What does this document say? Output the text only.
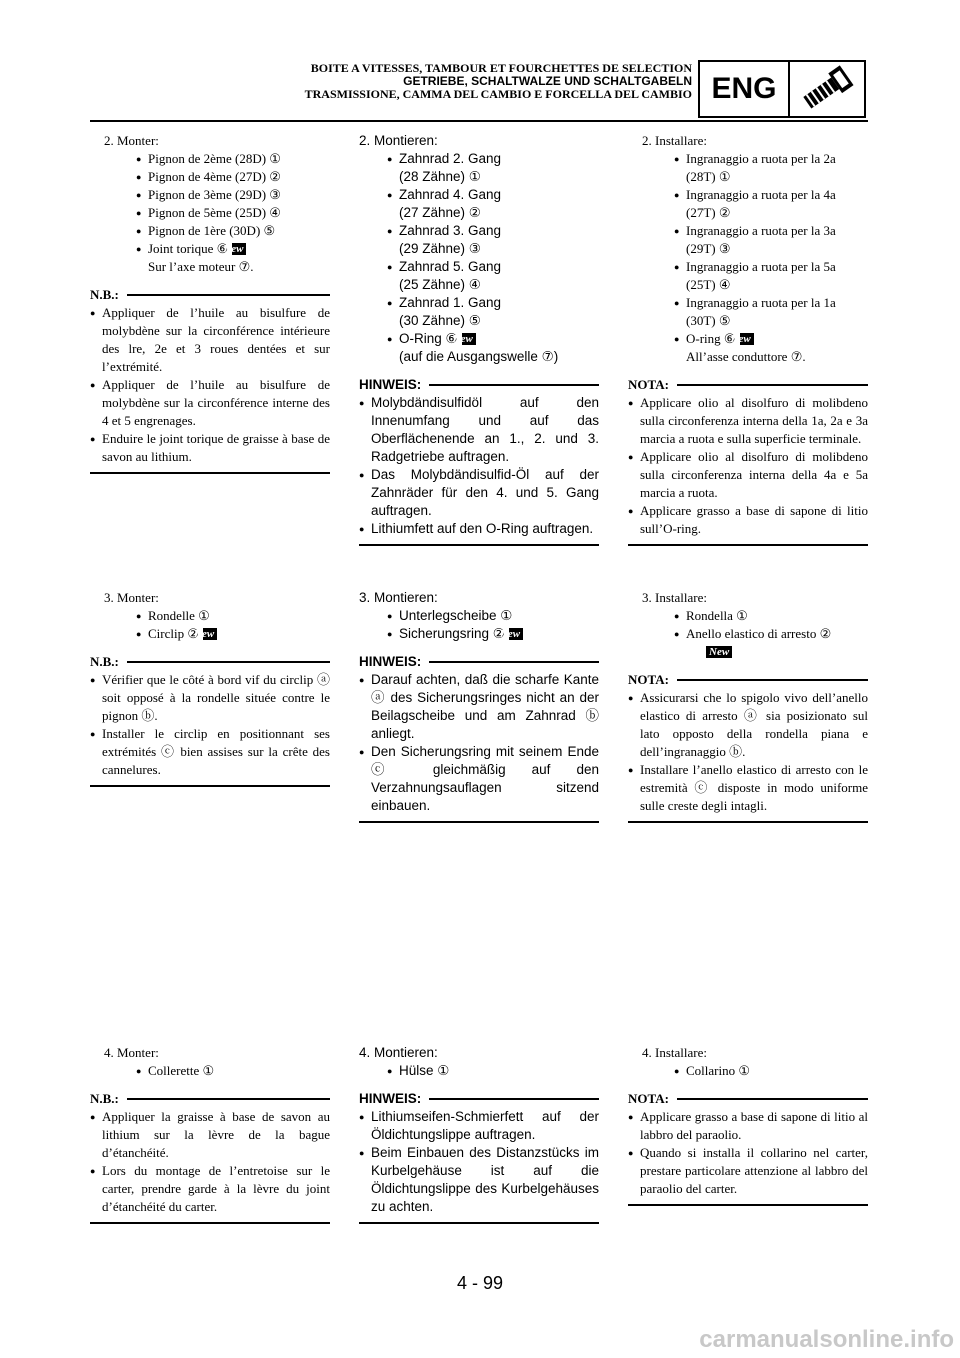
BOITE A VITESSES, TAMBOUR ET FOURCHETTES DE SELECTION
GETRIEBE, SCHALTWALZE UND SCHALTGABELN
TRASMISSIONE, CAMMA DEL CAMBIO E FORCELLA DEL CAMBIO ENG
2. Monter:
● Pignon de 2ème (28D) ①
● Pignon de 4ème (27D) ②
● Pignon de 3ème (29D) ③
● Pignon de 5ème (25D) ④
● Pignon de 1ère (30D) ⑤
● Joint torique ⑥New
Sur l’axe moteur ⑦.
N.B.:
● Appliquer de l’huile au bisulfure de molybdène sur la circonférence intérieure des lre, 2e et 3 roues dentées et sur l’extrémité.
● Appliquer de l’huile au bisulfure de molybdène sur la circonférence interne des 4 et 5 engrenages.
● Enduire le joint torique de graisse à base de savon au lithium.
3. Monter:
● Rondelle ①
● Circlip ②New
N.B.:
● Vérifier que le côté à bord vif du circlip ⓐ soit opposé à la rondelle située contre le pignon ⓑ.
● Installer le circlip en positionnant ses extrémités ⓒ bien assises sur la crête des cannelures.
4. Monter:
● Collerette ①
N.B.:
● Appliquer la graisse à base de savon au lithium sur la lèvre de la bague d’étanchéité.
● Lors du montage de l’entretoise sur le carter, prendre garde à la lèvre du joint d’étanchéité du carter.
2. Montieren:
● Zahnrad 2. Gang
(28 Zähne) ①
● Zahnrad 4. Gang
(27 Zähne) ②
● Zahnrad 3. Gang
(29 Zähne) ③
● Zahnrad 5. Gang
(25 Zähne) ④
● Zahnrad 1. Gang
(30 Zähne) ⑤
● O-Ring ⑥New
(auf die Ausgangswelle ⑦)
HINWEIS:
● Molybdändisulfidöl auf den Innenumfang und auf das Oberflächenende an 1., 2. und 3. Radgetriebe auftragen.
● Das Molybdändisulfid-Öl auf der Zahnräder für den 4. und 5. Gang auftragen.
● Lithiumfett auf den O-Ring auftragen.
3. Montieren:
● Unterlegscheibe ①
● Sicherungsring ②New
HINWEIS:
● Darauf achten, daß die scharfe Kante ⓐ des Sicherungsringes nicht an der Beilagscheibe und am Zahnrad ⓑ anliegt.
● Den Sicherungsring mit seinem Ende ⓒ gleichmäßig auf den Verzahnungsauflagen sitzend einbauen.
4. Montieren:
● Hülse ①
HINWEIS:
● Lithiumseifen-Schmierfett auf der Öldichtungslippe auftragen.
● Beim Einbauen des Distanzstücks im Kurbelgehäuse ist auf die Öldichtungslippe des Kurbelgehäuses zu achten.
2. Installare:
● Ingranaggio a ruota per la 2a
(28T) ①
● Ingranaggio a ruota per la 4a
(27T) ②
● Ingranaggio a ruota per la 3a
(29T) ③
● Ingranaggio a ruota per la 5a
(25T) ④
● Ingranaggio a ruota per la 1a
(30T) ⑤
● O-ring ⑥New
All’asse conduttore ⑦.
NOTA:
● Applicare olio al disolfuro di molibdeno sulla circonferenza interna della 1a, 2a e 3a marcia a ruota e sulla superficie terminale.
● Applicare olio al disolfuro di molibdeno sulla circonferenza interna della 4a e 5a marcia a ruota.
● Applicare grasso a base di sapone di litio sull’O-ring.
3. Installare:
● Rondella ①
● Anello elastico di arresto ②
New
NOTA:
● Assicurarsi che lo spigolo vivo dell’anello elastico di arresto ⓐ sia posizionato sul lato opposto della rondella piana e dell’ingranaggio ⓑ.
● Installare l’anello elastico di arresto con le estremità ⓒ disposte in modo uniforme sulle creste degli intagli.
4. Installare:
● Collarino ①
NOTA:
● Applicare grasso a base di sapone di litio al labbro del paraolio.
● Quando si installa il collarino nel carter, prestare particolare attenzione al labbro del paraolio del carter.
4 - 99
carmanualsonline.info
